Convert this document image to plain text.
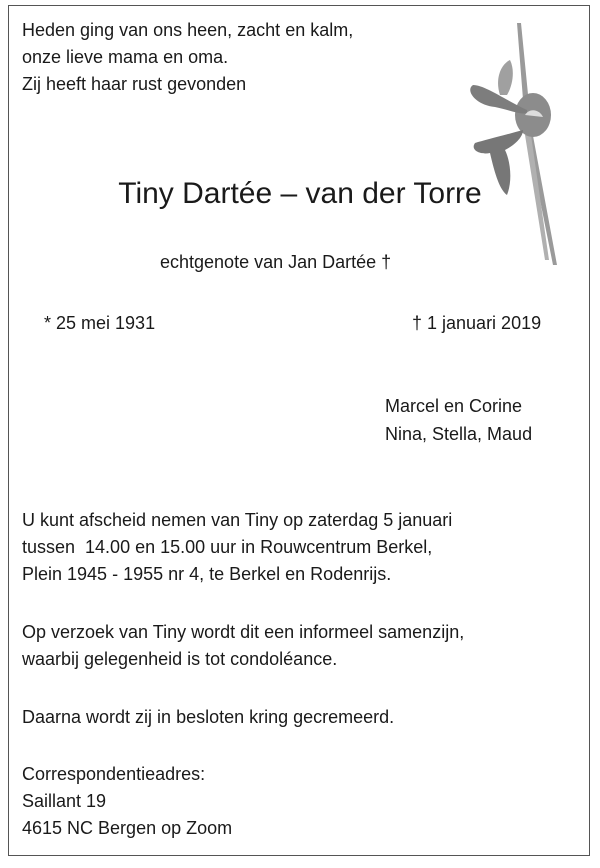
Heden ging van ons heen, zacht en kalm,
onze lieve mama en oma.
Zij heeft haar rust gevonden
Tiny Dartée – van der Torre
echtgenote van Jan Dartée †
* 25 mei 1931	† 1 januari 2019
Marcel en Corine
Nina, Stella, Maud
U kunt afscheid nemen van Tiny op zaterdag 5 januari
tussen  14.00 en 15.00 uur in Rouwcentrum Berkel,
Plein 1945 - 1955 nr 4, te Berkel en Rodenrijs.
Op verzoek van Tiny wordt dit een informeel samenzijn,
waarbij gelegenheid is tot condoléance.
Daarna wordt zij in besloten kring gecremeerd.
Correspondentieadres:
Saillant 19
4615 NC Bergen op Zoom
